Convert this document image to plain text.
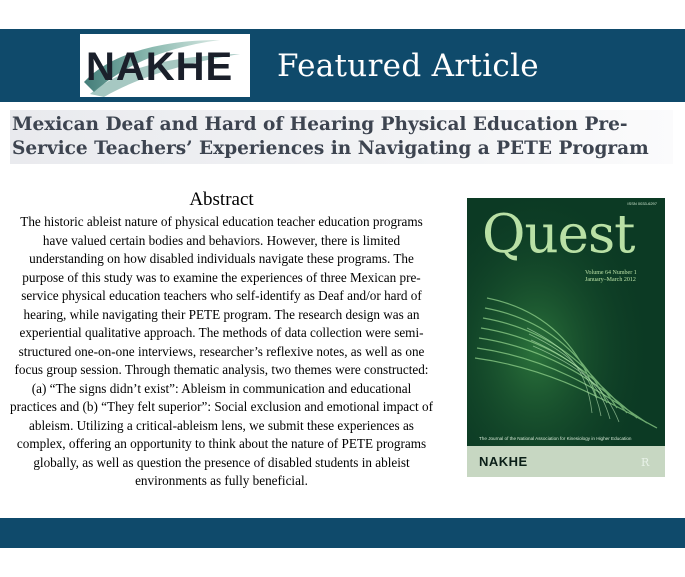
NAKHE Featured Article
Mexican Deaf and Hard of Hearing Physical Education Pre-Service Teachers’ Experiences in Navigating a PETE Program
Abstract
The historic ableist nature of physical education teacher education programs have valued certain bodies and behaviors. However, there is limited understanding on how disabled individuals navigate these programs. The purpose of this study was to examine the experiences of three Mexican pre-service physical education teachers who self-identify as Deaf and/or hard of hearing, while navigating their PETE program. The research design was an experiential qualitative approach. The methods of data collection were semi-structured one-on-one interviews, researcher’s reflexive notes, as well as one focus group session. Through thematic analysis, two themes were constructed: (a) “The signs didn’t exist”: Ableism in communication and educational practices and (b) “They felt superior”: Social exclusion and emotional impact of ableism. Utilizing a critical-ableism lens, we submit these experiences as complex, offering an opportunity to think about the nature of PETE programs globally, as well as question the presence of disabled students in ableist environments as fully beneficial.
ISSN 0033-6297
Quest
Volume 64 Number 1
January–March 2012
The Journal of the National Association for Kinesiology in Higher Education
NAKHE	R
